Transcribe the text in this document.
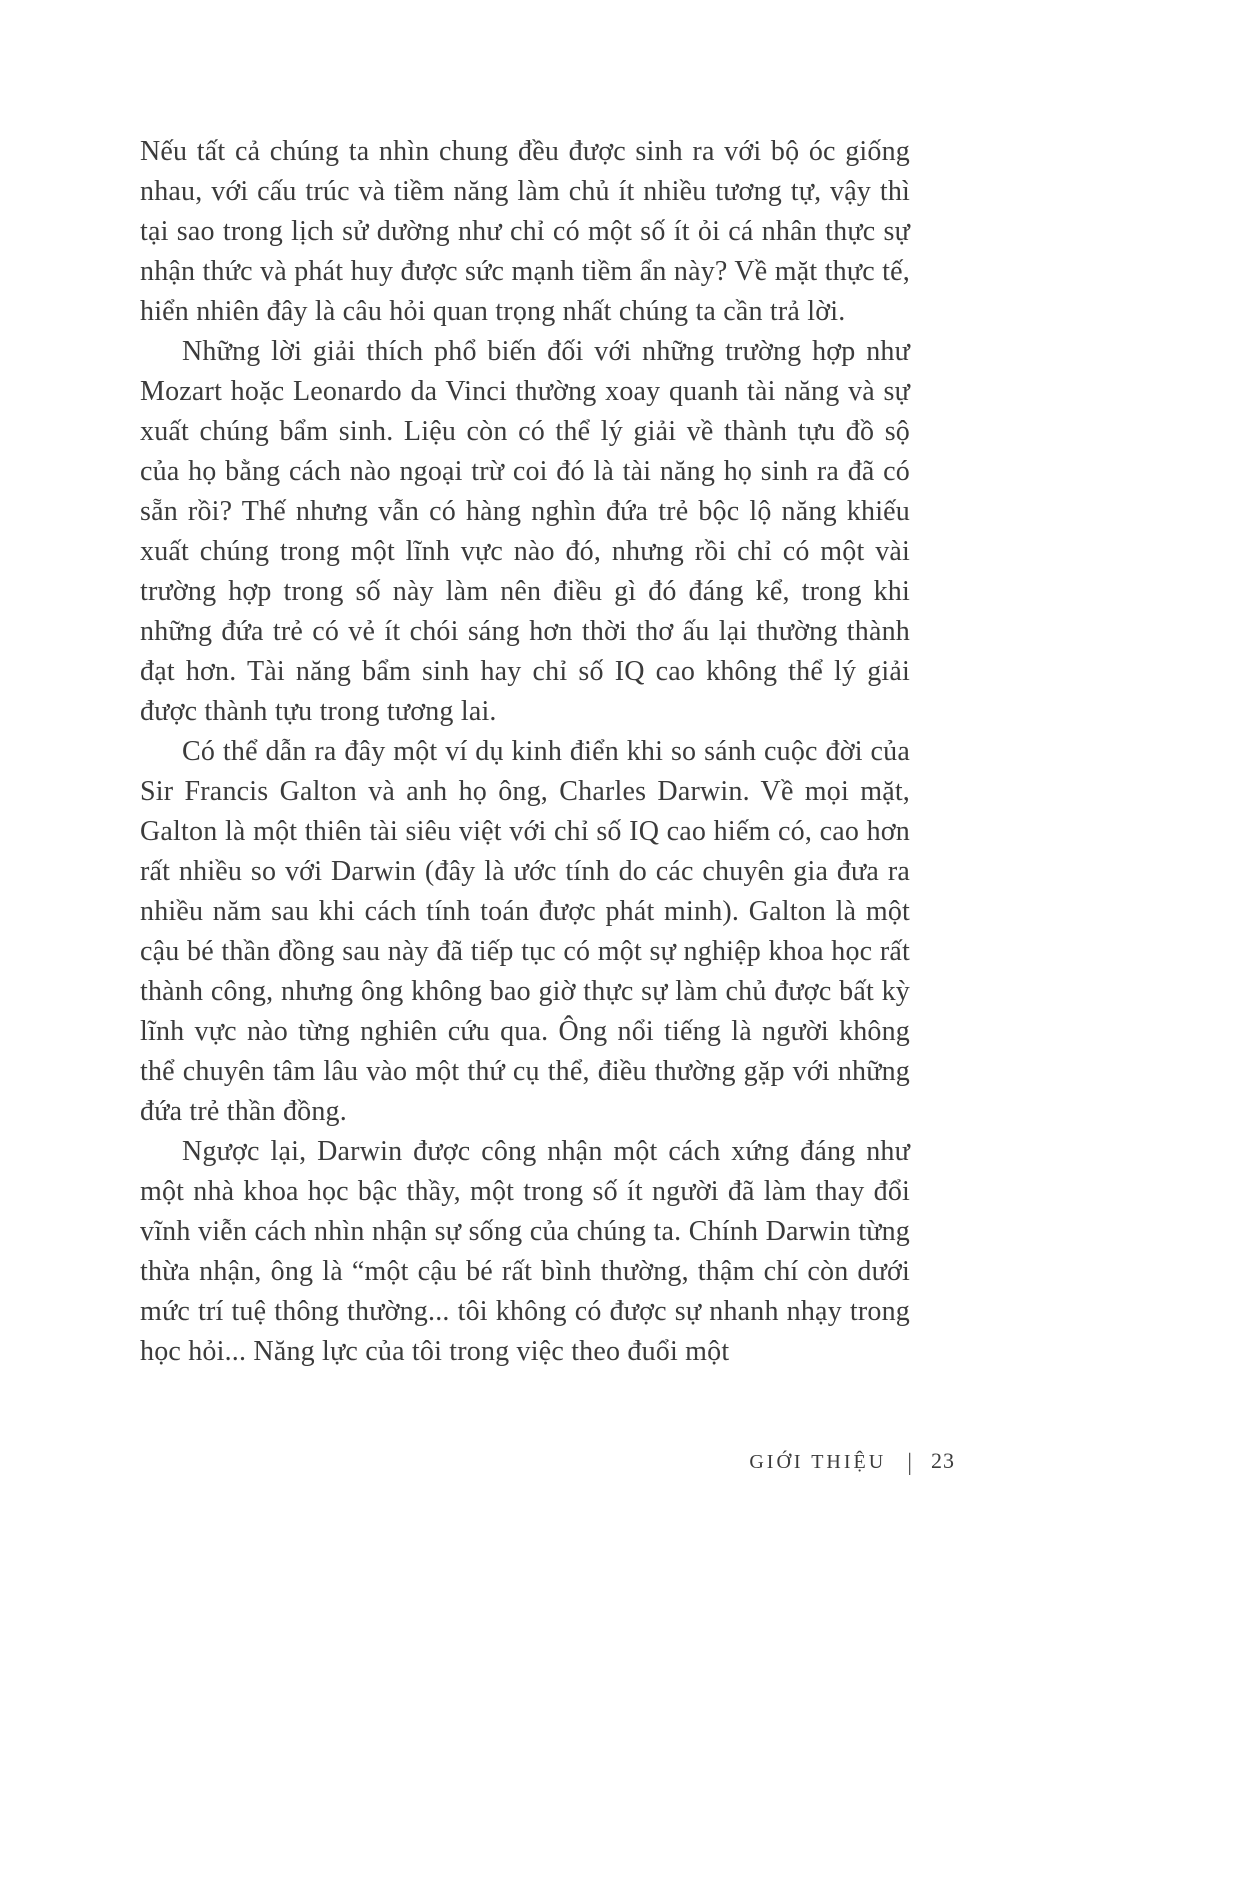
Nếu tất cả chúng ta nhìn chung đều được sinh ra với bộ óc giống nhau, với cấu trúc và tiềm năng làm chủ ít nhiều tương tự, vậy thì tại sao trong lịch sử dường như chỉ có một số ít ỏi cá nhân thực sự nhận thức và phát huy được sức mạnh tiềm ẩn này? Về mặt thực tế, hiển nhiên đây là câu hỏi quan trọng nhất chúng ta cần trả lời.

Những lời giải thích phổ biến đối với những trường hợp như Mozart hoặc Leonardo da Vinci thường xoay quanh tài năng và sự xuất chúng bẩm sinh. Liệu còn có thể lý giải về thành tựu đồ sộ của họ bằng cách nào ngoại trừ coi đó là tài năng họ sinh ra đã có sẵn rồi? Thế nhưng vẫn có hàng nghìn đứa trẻ bộc lộ năng khiếu xuất chúng trong một lĩnh vực nào đó, nhưng rồi chỉ có một vài trường hợp trong số này làm nên điều gì đó đáng kể, trong khi những đứa trẻ có vẻ ít chói sáng hơn thời thơ ấu lại thường thành đạt hơn. Tài năng bẩm sinh hay chỉ số IQ cao không thể lý giải được thành tựu trong tương lai.

Có thể dẫn ra đây một ví dụ kinh điển khi so sánh cuộc đời của Sir Francis Galton và anh họ ông, Charles Darwin. Về mọi mặt, Galton là một thiên tài siêu việt với chỉ số IQ cao hiếm có, cao hơn rất nhiều so với Darwin (đây là ước tính do các chuyên gia đưa ra nhiều năm sau khi cách tính toán được phát minh). Galton là một cậu bé thần đồng sau này đã tiếp tục có một sự nghiệp khoa học rất thành công, nhưng ông không bao giờ thực sự làm chủ được bất kỳ lĩnh vực nào từng nghiên cứu qua. Ông nổi tiếng là người không thể chuyên tâm lâu vào một thứ cụ thể, điều thường gặp với những đứa trẻ thần đồng.

Ngược lại, Darwin được công nhận một cách xứng đáng như một nhà khoa học bậc thầy, một trong số ít người đã làm thay đổi vĩnh viễn cách nhìn nhận sự sống của chúng ta. Chính Darwin từng thừa nhận, ông là “một cậu bé rất bình thường, thậm chí còn dưới mức trí tuệ thông thường... tôi không có được sự nhanh nhạy trong học hỏi... Năng lực của tôi trong việc theo đuổi một

GIỚI THIỆU | 23
